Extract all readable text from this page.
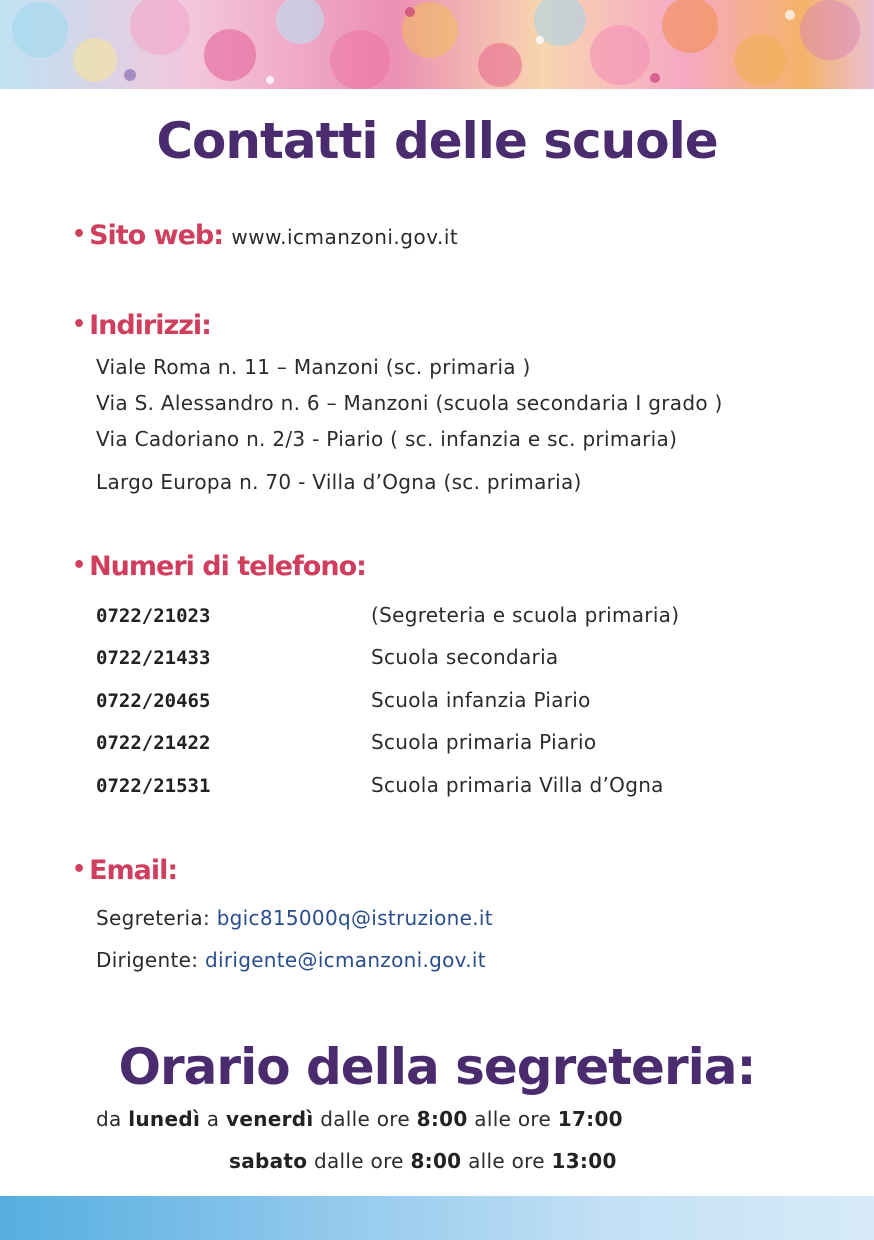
Contatti delle scuole
• Sito web: www.icmanzoni.gov.it
• Indirizzi:
Viale Roma n. 11 – Manzoni (sc. primaria )
Via S. Alessandro n. 6 – Manzoni (scuola secondaria I grado )
Via Cadoriano n. 2/3 - Piario ( sc. infanzia e sc. primaria)
Largo Europa n. 70 - Villa d’Ogna (sc. primaria)
• Numeri di telefono:
0722/21023	(Segreteria e scuola primaria)
0722/21433	Scuola secondaria
0722/20465	Scuola infanzia Piario
0722/21422	Scuola primaria Piario
0722/21531	Scuola primaria Villa d’Ogna
• Email:
Segreteria: bgic815000q@istruzione.it
Dirigente: dirigente@icmanzoni.gov.it
Orario della segreteria:
da lunedì a venerdì dalle ore 8:00 alle ore 17:00
sabato dalle ore 8:00 alle ore 13:00
